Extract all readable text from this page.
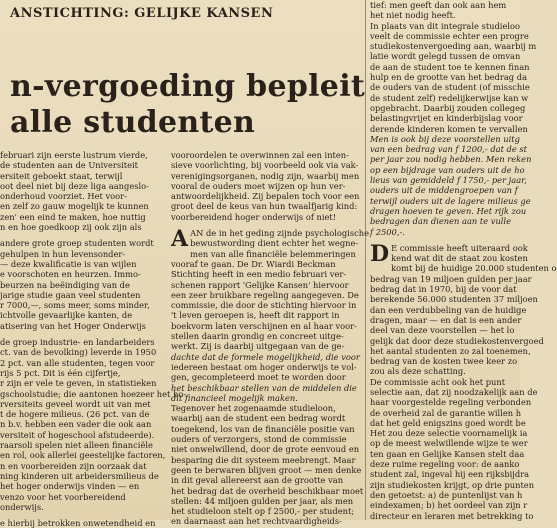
ANSTICHTING: GELIJKE KANSEN
n-vergoeding bepleit
alle studenten
februari zijn eerste lustrum vierde,
de studenten aan de Universiteit
ersiteit geboekt staat, terwijl
oot deel niet bij deze liga aangeslo-
onderhoud voorziet. Het voor-
en zelf zo gauw mogelijk te kunnen
zen' een eind te maken, hoe nuttig
n en hoe goedkoop zij ook zijn als
andere grote groep studenten wordt
gehulpen in hun levensonder-
— deze kwalificatie is van wijlen
e voorschoten en heurzen. Immo-
beurzen na beëindiging van de
jarige studie gaan veel studenten
r 7000,—, soms meer, soms minder,
ichtvolle gevaarlijke kanten, de
atisering van het Hoger Onderwijs
de groep industrie- en landarbeiders
ct. van de bevolking) leverde in 1950
2 pct. van alle studenten, tegen voor
rijs 5 pct. Dit is één cijfertje,
r zijn er vele te geven, in statistieken
gschoolstudie; die aantonen hoezeer het ho-
rversiteits geveel wordt uit van met
t de hogere milieus. (26 pct. van de
n b.v. hebben een vader die ook aan
versiteit of hogeschool afstudeerde).
raarsoli spelen niet alleen financiële
en rol, ook allerlei geestelijke factoren,
n en voorbereiden zijn oorzaak dat
ning kinderen uit arbeidersmilieus de
het hoger onderwijs vinden — en
venzo voor het voorbereidend
onderwijs.
e hierbij betrokken onwetendheid en
vooroordelen te overwinnen zal een inten-
sieve voorlichting, bij voorbeeld ook via vak-
verenigingsorganen, nodig zijn, waarbij men
vooral de ouders moet wijzen op hun ver-
antwoordelijkheid. Zij bepalen toch voor een
groot deel de keus van hun twaalfjarig kind:
voorbereidend hoger onderwijs of niet!
A AN de in het geding zijnde psychologische
bewustwording dient echter het wegne-
men van alle financiële belemmeringen
vooraf te gaan. De Dr. Wiardi Beckman
Stichting heeft in een medio februari ver-
schenen rapport 'Gelijke Kansen' hiervoor
een zeer bruikbare regeling aangegeven. De
commissie, die door de stichting hiervoor in
't leven geroepen is, heeft dit rapport in
boekvorm laten verschijnen en al haar voor-
stellen daarin grondig en concreet uitge-
werkt. Zij is daarbij uitgegaan van de ge-
dachte dat de formele mogelijkheid, die voor
iedereen bestaat om hoger onderwijs te vol-
gen, gecompleteerd moet te worden door
het beschikbaar stellen van de middelen die
dit financieel mogelijk maken.
Tegenover het zogenaamde studieloon,
waarbij aan de student een bedrag wordt
toegekend, los van de financiële positie van
ouders of verzorgers, stond de commissie
niet onwelwillend, door de grote eenvoud en
besparing die dit systeem meebrengt. Maar
geen te berwaren blijven groot — men denke
in dit geval allereerst aan de grootte van
het bedrag dat de overheid beschikbaar moet
stellen: 44 miljoen gulden per jaar, als men
het studieloon stelt op f 2500,- per student;
en daarnaast aan het rechtvaardigheids-
tief: men geeft dan ook aan hem
het niet nodig heeft.
In plaats van dit integrale studieloo
veelt de commissie echter een progre
studiekostenvergoeding aan, waarbij m
latie wordt gelegd tussen de omvan
de aan de student toe te kennen finan
hulp en de grootte van het bedrag da
de ouders van de student (of misschie
de student zelf) redelijkerwijse kan w
opgebracht. Daarbij zouden collegeg
belastingvrijet en kinderbijslag voor
derende kinderen komen te vervallen
Men is ook bij deze voorstellen uitg
van een bedrag van f 1200,- dat de st
per jaar zou nodig hebben. Men reken
op een bijdrage van ouders uit de ho
lieus van gemiddeld f 1750,- per jaar,
ouders uit de middengroepen van f
terwijl ouders uit de lagere milieus ge
dragen hoeven te geven. Het rijk zou
bedragen dan dienen aan te vulle
f 2500,-.
D E commissie heeft uiteraard ook
kend wat dit de staat zou kosten
komt bij de huidige 20.000 studenten o
bedrag van 19 miljoen gulden per jaar
bedrag dat in 1970, bij de voor dat
berekende 56.000 studenten 37 miljoen
dan een verdubbeling van de huidige
dragen, maar — en dat is een ander
deel van deze voorstellen — het lo
gelijk dat door deze studiekostenvergoed
het aantal studenten zo zal toenemen,
bedrag van de kosten twee keer zo
zou als deze schatting.
De commissie acht ook het punt
selectie aan, dat zij noodzakelijk aan de
haar voorgestelde regeling verbonden
de overheid zal de garantie willen h
dat het geld enigszins goed wordt be
Het zou deze selectie voornamelijk ia
op de meest welwillende wijze te wer
ten gaan en Gelijke Kansen stelt daa
deze ruime regeling voor: de aanko
student zal, ingeval hij een rijksbijdra
zijn studiekosten krijgt, op drie punten
den getoetst: a) de puntenlijst van h
eindexamen; b) het oordeel van zijn r
directeur en leraren met betrekking to
